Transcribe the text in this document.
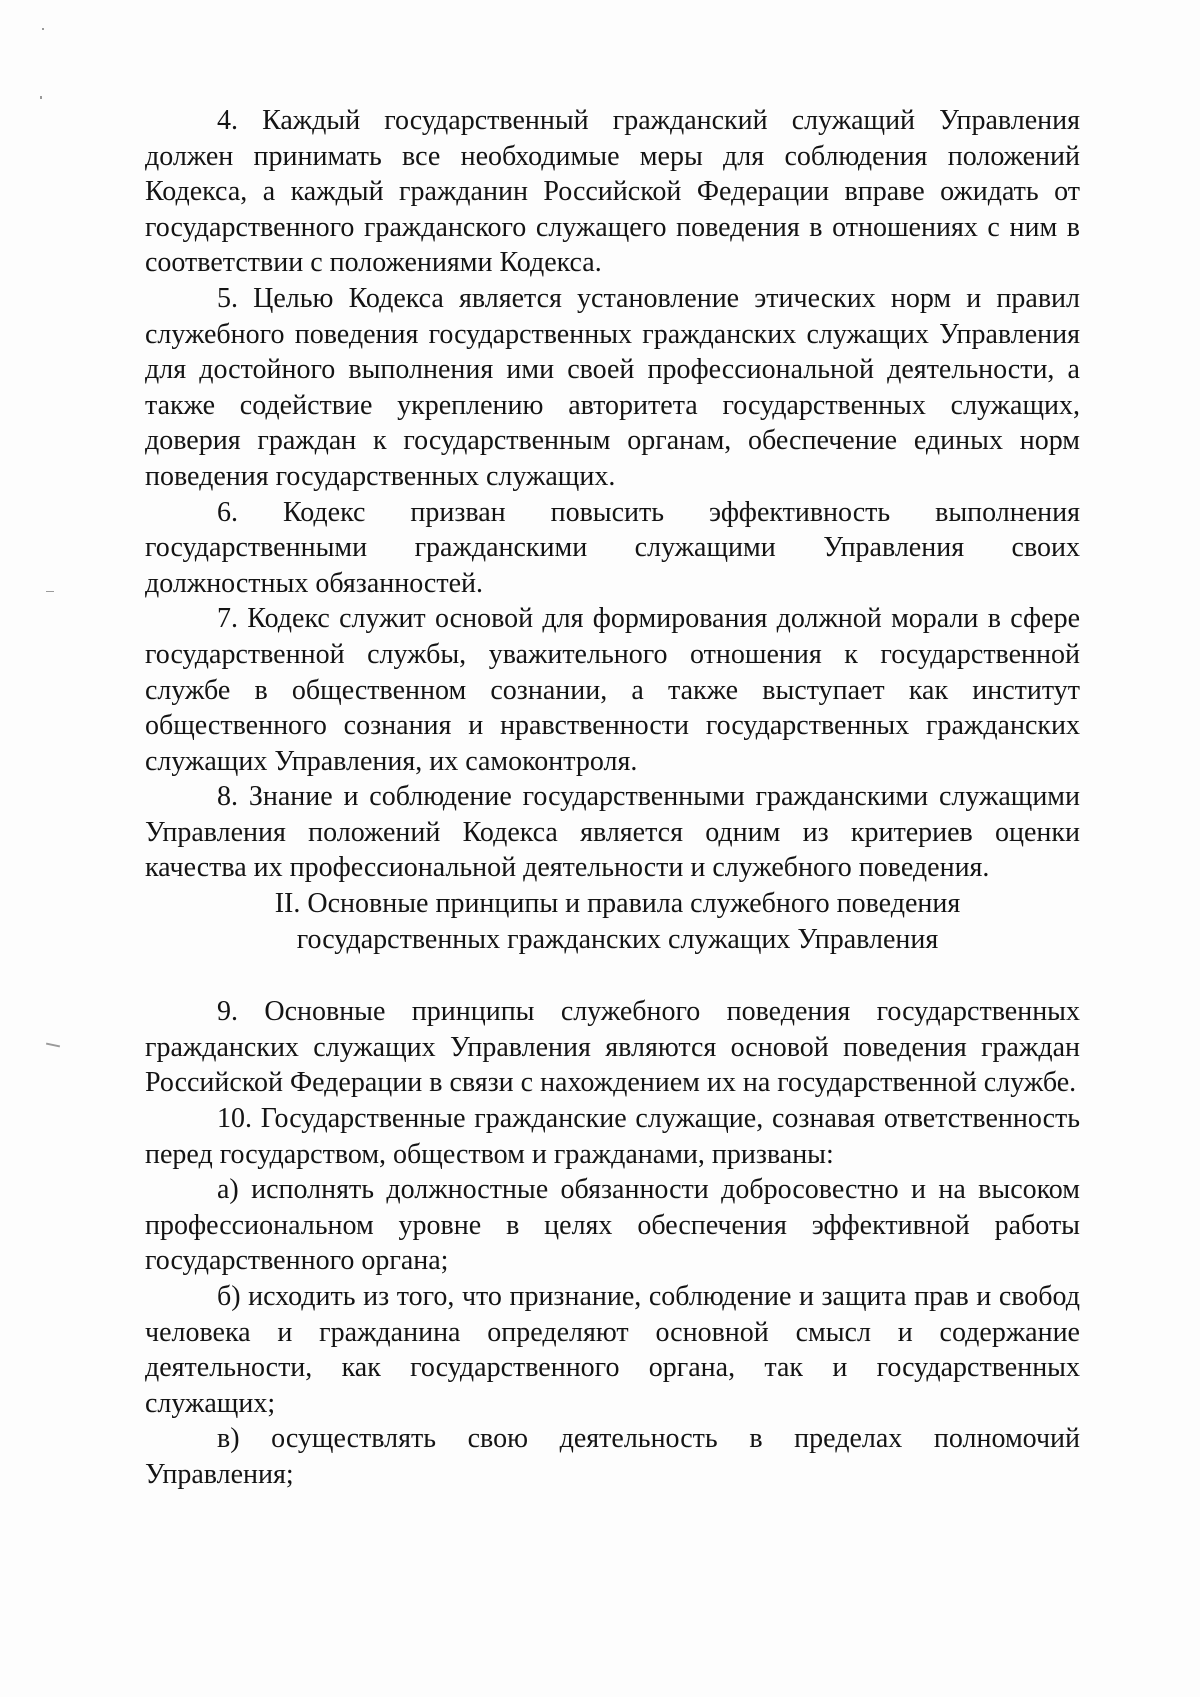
4. Каждый государственный гражданский служащий Управления должен принимать все необходимые меры для соблюдения положений Кодекса, а каждый гражданин Российской Федерации вправе ожидать от государственного гражданского служащего поведения в отношениях с ним в соответствии с положениями Кодекса.

5. Целью Кодекса является установление этических норм и правил служебного поведения государственных гражданских служащих Управления для достойного выполнения ими своей профессиональной деятельности, а также содействие укреплению авторитета государственных служащих, доверия граждан к государственным органам, обеспечение единых норм поведения государственных служащих.

6. Кодекс призван повысить эффективность выполнения государственными гражданскими служащими Управления своих должностных обязанностей.

7. Кодекс служит основой для формирования должной морали в сфере государственной службы, уважительного отношения к государственной службе в общественном сознании, а также выступает как институт общественного сознания и нравственности государственных гражданских служащих Управления, их самоконтроля.

8. Знание и соблюдение государственными гражданскими служащими Управления положений Кодекса является одним из критериев оценки качества их профессиональной деятельности и служебного поведения.

II. Основные принципы и правила служебного поведения
государственных гражданских служащих Управления

9. Основные принципы служебного поведения государственных гражданских служащих Управления являются основой поведения граждан Российской Федерации в связи с нахождением их на государственной службе.

10. Государственные гражданские служащие, сознавая ответственность перед государством, обществом и гражданами, призваны:

а) исполнять должностные обязанности добросовестно и на высоком профессиональном уровне в целях обеспечения эффективной работы государственного органа;

б) исходить из того, что признание, соблюдение и защита прав и свобод человека и гражданина определяют основной смысл и содержание деятельности, как государственного органа, так и государственных служащих;

в) осуществлять свою деятельность в пределах полномочий Управления;
